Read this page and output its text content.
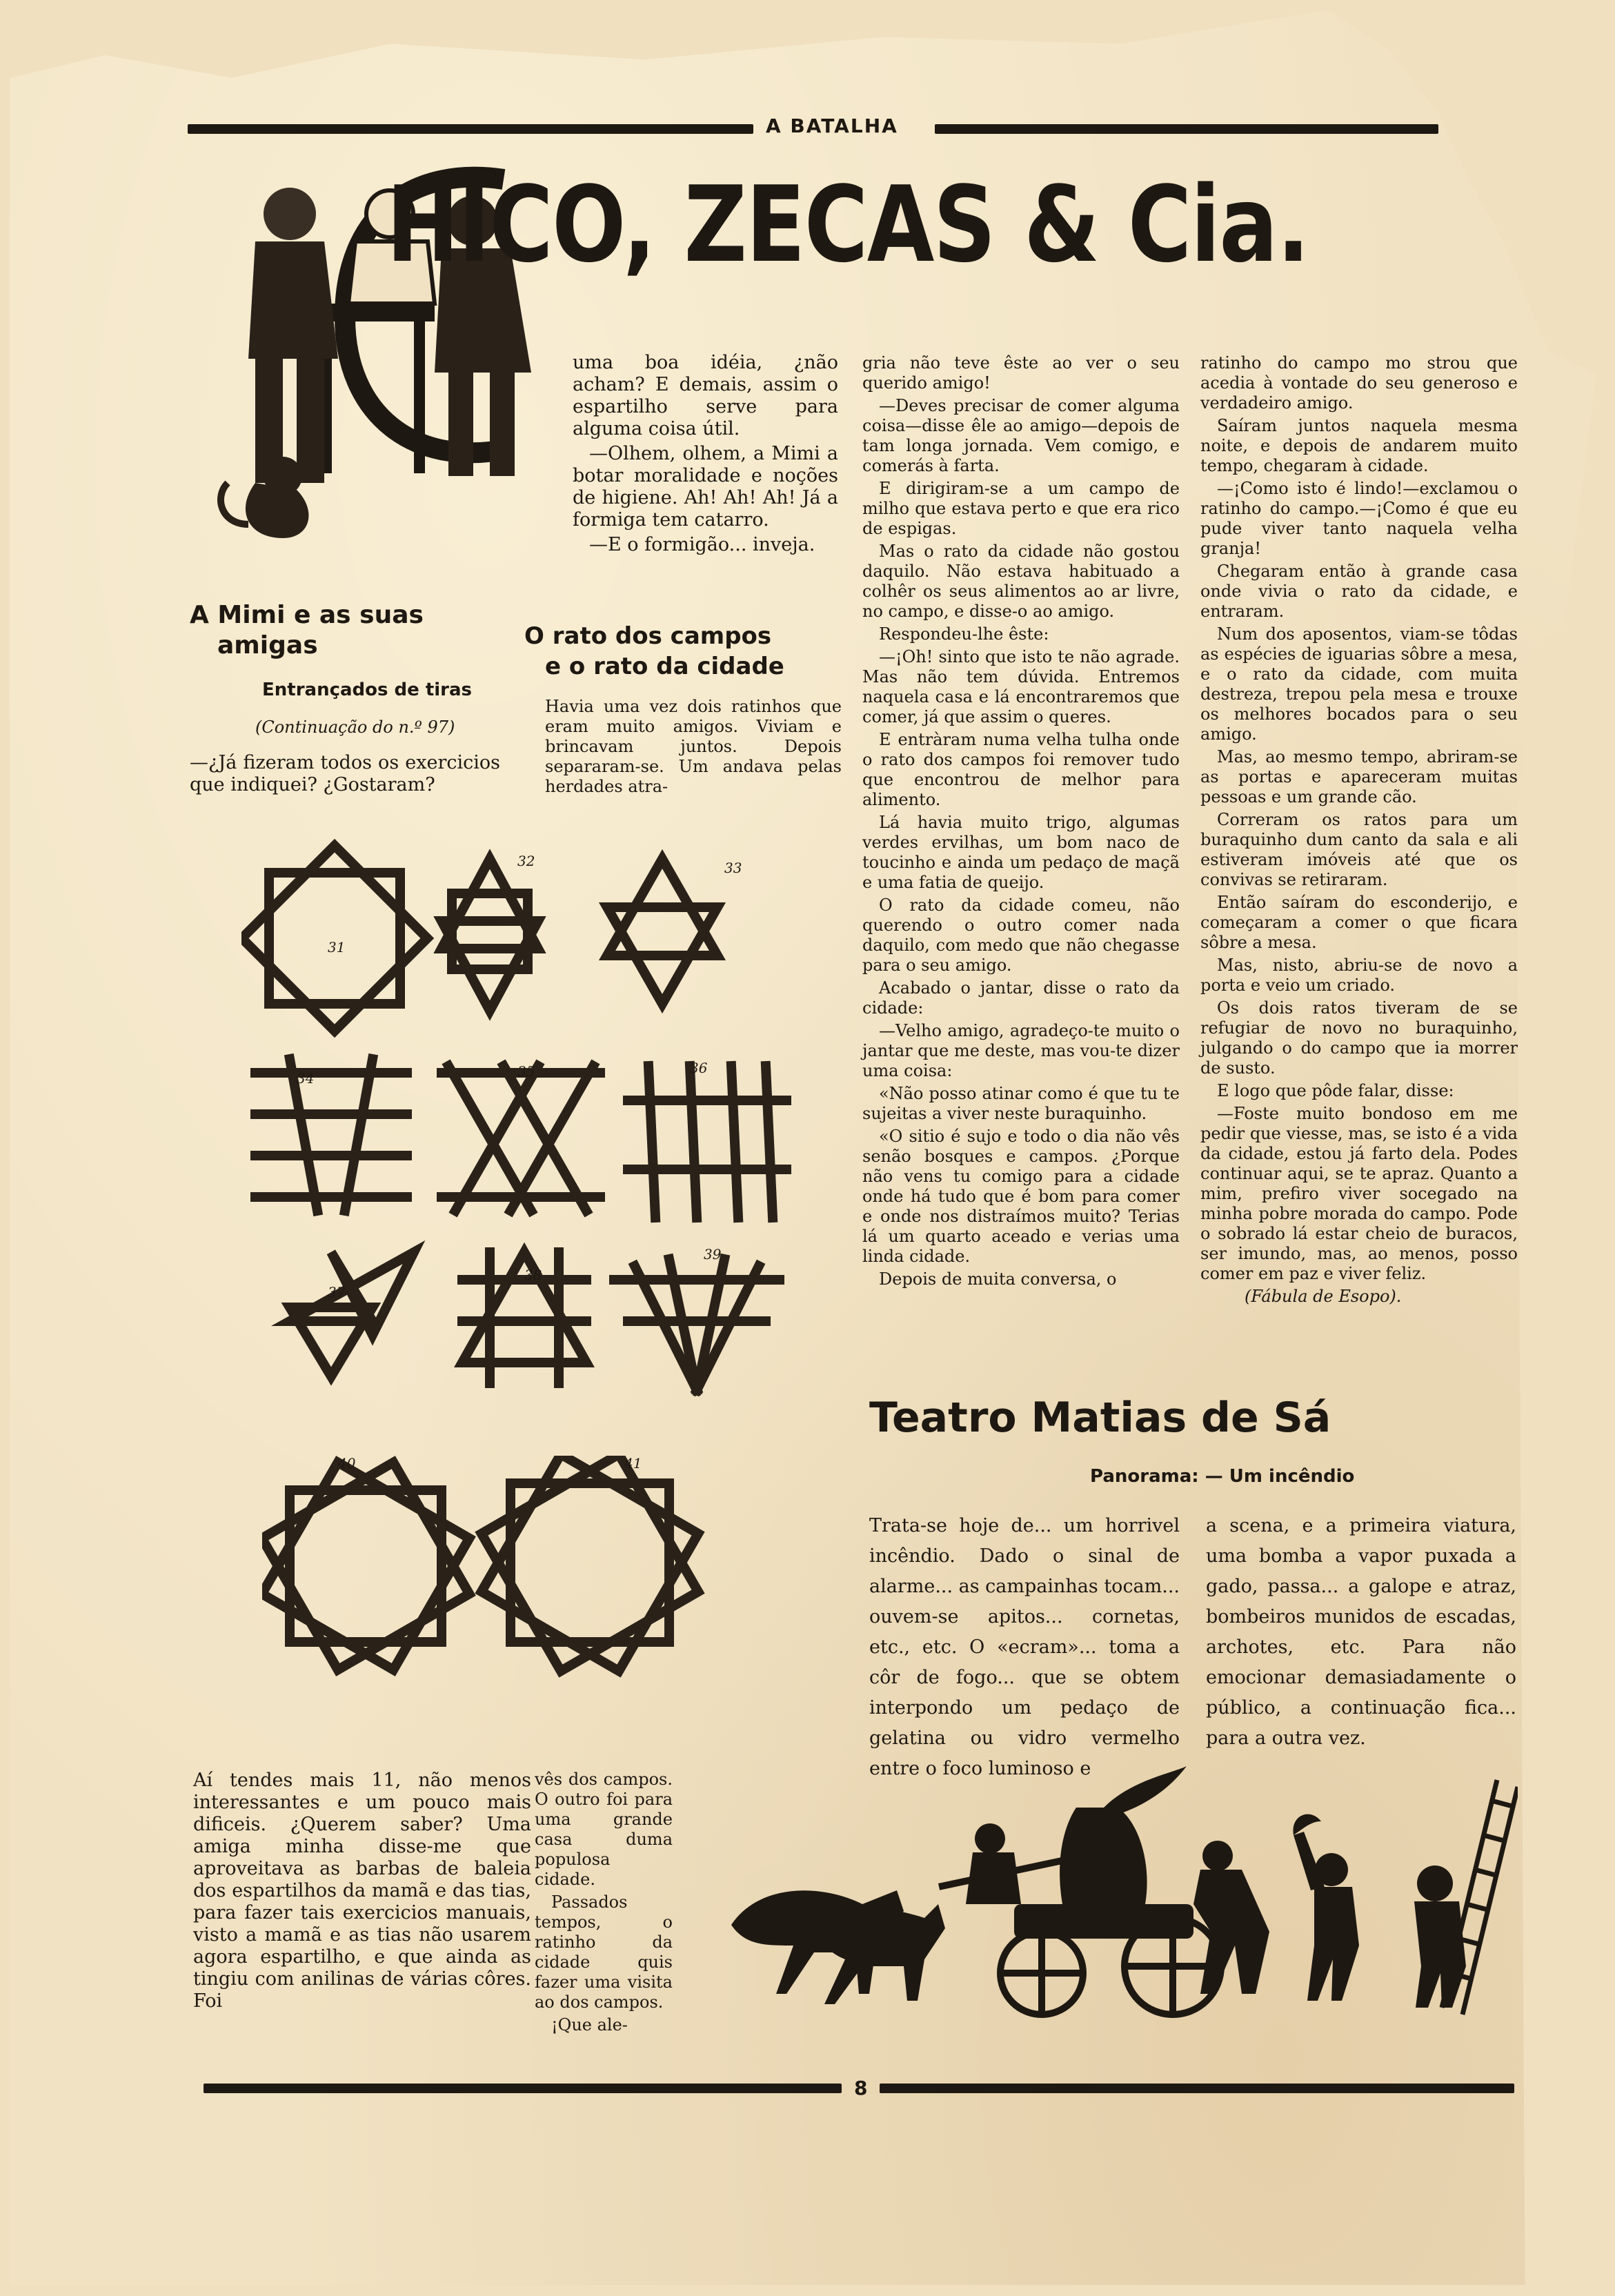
A BATALHA
HICO, ZECAS & Cia.

uma boa idéia, ¿não acham? E demais, assim o espartilho serve para alguma coisa útil.

—Olhem, olhem, a Mimi a botar moralidade e noções de higiene. Ah! Ah! Ah! Já a formiga tem catarro.

—E o formigão... inveja.

A Mimi e as suas
amigas
Entrançados de tiras
(Continuação do n.º 97)
—¿Já fizeram todos os exercicios que indiquei? ¿Gostaram?
31
32	33
34	35	36
37
38
39
40	41
Aí tendes mais 11, não menos interessantes e um pouco mais dificeis. ¿Querem saber? Uma amiga minha disse-me que aproveitava as barbas de baleia dos espartilhos da mamã e das tias, para fazer tais exercicios manuais, visto a mamã e as tias não usarem agora espartilho, e que ainda as tingiu com anilinas de várias côres. Foi

vês dos campos. O outro foi para uma grande casa duma populosa cidade.

Passados tempos, o ratinho da cidade quis fazer uma visita ao dos campos.

¡Que ale-

O rato dos campos
e o rato da cidade
Havia uma vez dois ratinhos que eram muito amigos. Viviam e brincavam juntos. Depois separaram-se. Um andava pelas herdades atra-

gria não teve êste ao ver o seu querido amigo!

—Deves precisar de comer alguma coisa—disse êle ao amigo—depois de tam longa jornada. Vem comigo, e comerás à farta.

E dirigiram-se a um campo de milho que estava perto e que era rico de espigas.

Mas o rato da cidade não gostou daquilo. Não estava habituado a colhêr os seus alimentos ao ar livre, no campo, e disse-o ao amigo.

Respondeu-lhe êste:

—¡Oh! sinto que isto te não agrade. Mas não tem dúvida. Entremos naquela casa e lá encontraremos que comer, já que assim o queres.

E entràram numa velha tulha onde o rato dos campos foi remover tudo que encontrou de melhor para alimento.

Lá havia muito trigo, algumas verdes ervilhas, um bom naco de toucinho e ainda um pedaço de maçã e uma fatia de queijo.

O rato da cidade comeu, não querendo o outro comer nada daquilo, com medo que não chegasse para o seu amigo.

Acabado o jantar, disse o rato da cidade:

—Velho amigo, agradeço-te muito o jantar que me deste, mas vou-te dizer uma coisa:

«Não posso atinar como é que tu te sujeitas a viver neste buraquinho.

«O sitio é sujo e todo o dia não vês senão bosques e campos. ¿Porque não vens tu comigo para a cidade onde há tudo que é bom para comer e onde nos distraímos muito? Terias lá um quarto aceado e verias uma linda cidade.

Depois de muita conversa, o

ratinho do campo mo strou que acedia à vontade do seu generoso e verdadeiro amigo.

Saíram juntos naquela mesma noite, e depois de andarem muito tempo, chegaram à cidade.

—¡Como isto é lindo!—exclamou o ratinho do campo.—¡Como é que eu pude viver tanto naquela velha granja!

Chegaram então à grande casa onde vivia o rato da cidade, e entraram.

Num dos aposentos, viam-se tôdas as espécies de iguarias sôbre a mesa, e o rato da cidade, com muita destreza, trepou pela mesa e trouxe os melhores bocados para o seu amigo.

Mas, ao mesmo tempo, abriram-se as portas e apareceram muitas pessoas e um grande cão.

Correram os ratos para um buraquinho dum canto da sala e ali estiveram imóveis até que os convivas se retiraram.

Então saíram do esconderijo, e começaram a comer o que ficara sôbre a mesa.

Mas, nisto, abriu-se de novo a porta e veio um criado.

Os dois ratos tiveram de se refugiar de novo no buraquinho, julgando o do campo que ia morrer de susto.

E logo que pôde falar, disse:

—Foste muito bondoso em me pedir que viesse, mas, se isto é a vida da cidade, estou já farto dela. Podes continuar aqui, se te apraz. Quanto a mim, prefiro viver socegado na minha pobre morada do campo. Pode o sobrado lá estar cheio de buracos, ser imundo, mas, ao menos, posso comer em paz e viver feliz.

(Fábula de Esopo).

Teatro Matias de Sá
Panorama: — Um incêndio
Trata-se hoje de... um horrivel incêndio. Dado o sinal de alarme... as campainhas tocam... ouvem-se apitos... cornetas, etc., etc. O «ecram»... toma a côr de fogo... que se obtem interpondo um pedaço de gelatina ou vidro vermelho entre o foco luminoso e
a scena, e a primeira viatura, uma bomba a vapor puxada a gado, passa... a galope e atraz, bombeiros munidos de escadas, archotes, etc. Para não emocionar demasiadamente o público, a continuação fica... para a outra vez.
8
